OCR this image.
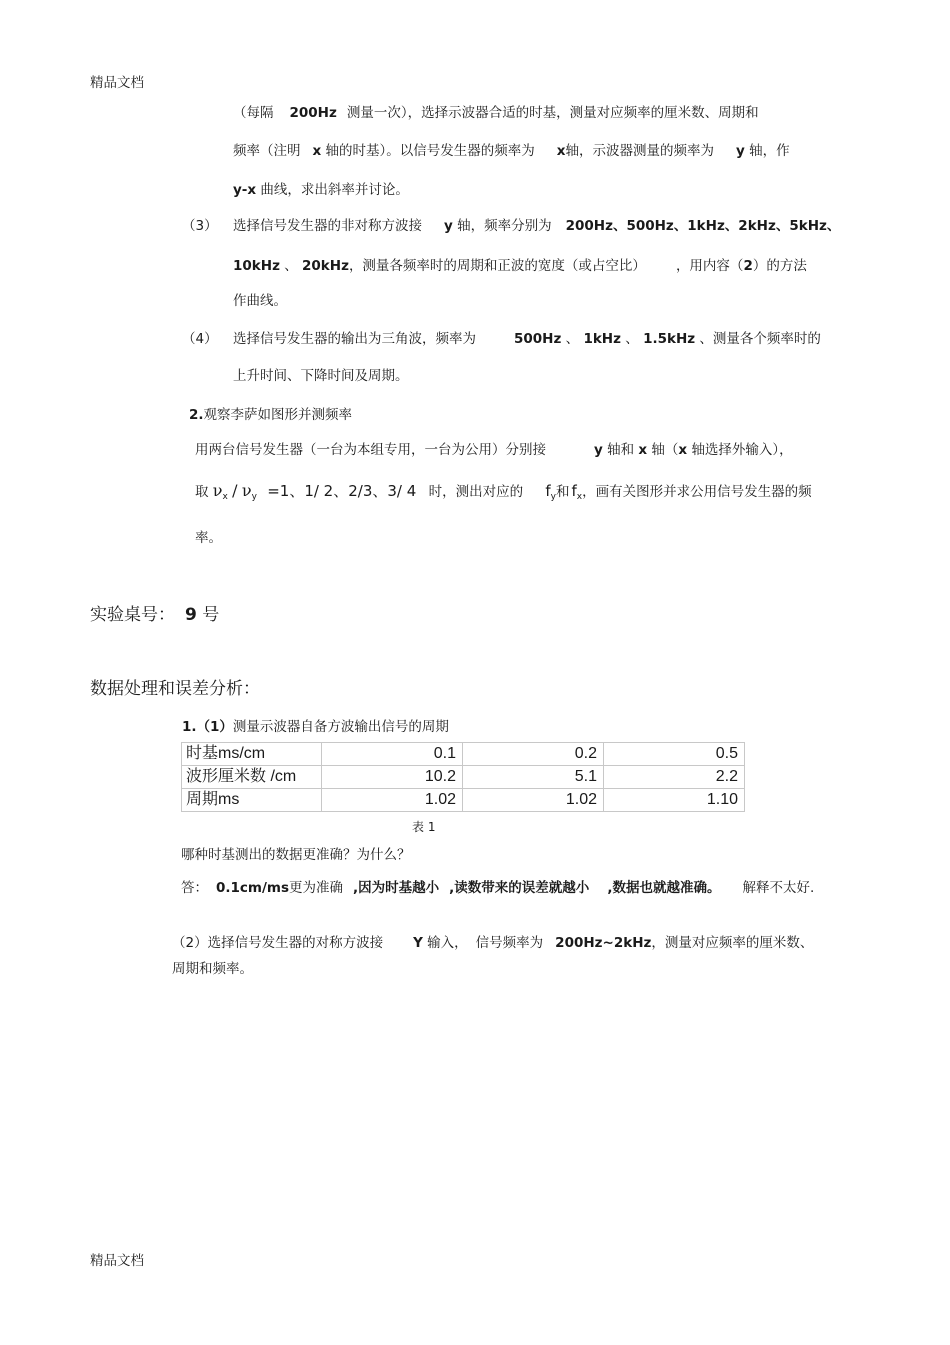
精品文档
（每隔 200Hz 测量一次），选择示波器合适的时基，测量对应频率的厘米数、周期和
频率（注明 x 轴的时基）。以信号发生器的频率为 x轴，示波器测量的频率为 y 轴，作
y-x 曲线，求出斜率并讨论。
（3） 选择信号发生器的非对称方波接 y 轴，频率分别为 200Hz、500Hz、1kHz、2kHz、5kHz、
10kHz 、 20kHz，测量各频率时的周期和正波的宽度（或占空比） ，用内容（2）的方法
作曲线。
（4） 选择信号发生器的输出为三角波，频率为	500Hz 、 1kHz 、 1.5kHz 、测量各个频率时的
上升时间、下降时间及周期。
2.观察李萨如图形并测频率
用两台信号发生器（一台为本组专用，一台为公用）分别接	y 轴和 x 轴（x 轴选择外输入），
取 $\nu_x / \nu_y =1$、1/ 2、2/3、3/ 4 时，测出对应的 $f_y$和 $f_x$，画有关图形并求公用信号发生器的频
率。
实验桌号： 9 号
数据处理和误差分析：
1.（1）测量示波器自备方波输出信号的周期
时基ms/cm	0.1	0.2	0.5
波形厘米数 /cm	10.2	5.1	2.2
周期ms	1.02	1.02	1.10
表 1
哪种时基测出的数据更准确？为什么？
答： 0.1cm/ms更为准确 ,因为时基越小 ,读数带来的误差就越小 ,数据也就越准确。 解释不太好.
（2）选择信号发生器的对称方波接 Y 输入， 信号频率为 200Hz~2kHz，测量对应频率的厘米数、
周期和频率。
精品文档
